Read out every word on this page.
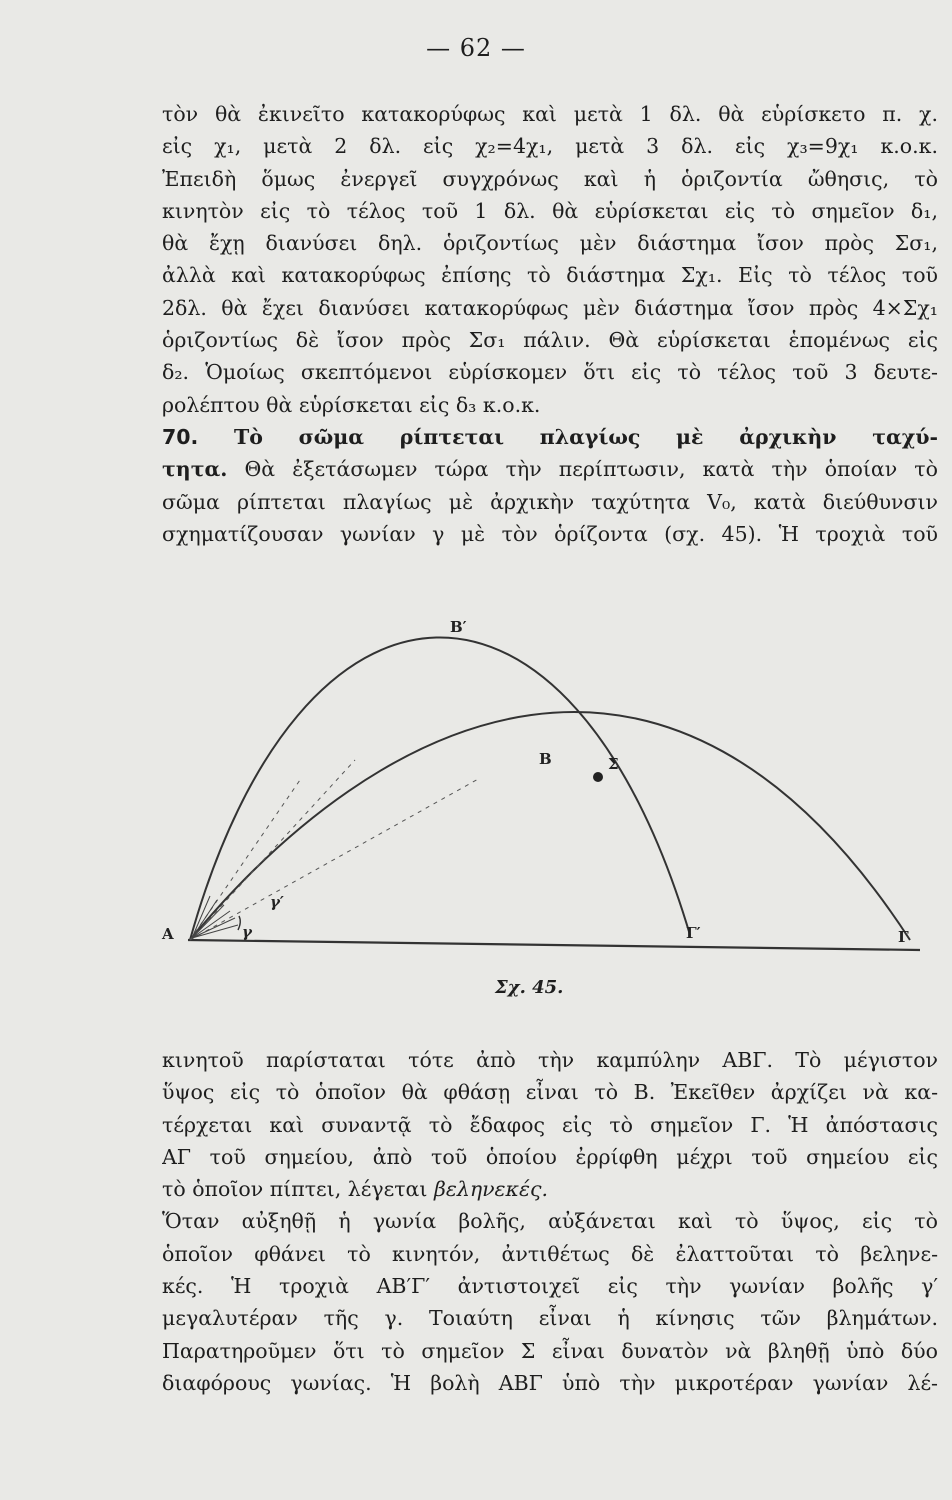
— 62 —
τὸν θὰ ἐκινεῖτο κατακορύφως καὶ μετὰ 1 δλ. θὰ εὑρίσκετο π. χ.
εἰς χ₁, μετὰ 2 δλ. εἰς χ₂=4χ₁, μετὰ 3 δλ. εἰς χ₃=9χ₁ κ.ο.κ.
Ἐπειδὴ ὅμως ἐνεργεῖ συγχρόνως καὶ ἡ ὁριζοντία ὤθησις, τὸ
κινητὸν εἰς τὸ τέλος τοῦ 1 δλ. θὰ εὑρίσκεται εἰς τὸ σημεῖον δ₁,
θὰ ἔχῃ διανύσει δηλ. ὁριζοντίως μὲν διάστημα ἴσον πρὸς Σσ₁,
ἀλλὰ καὶ κατακορύφως ἐπίσης τὸ διάστημα Σχ₁. Εἰς τὸ τέλος τοῦ
2δλ. θὰ ἔχει διανύσει κατακορύφως μὲν διάστημα ἴσον πρὸς 4×Σχ₁
ὁριζοντίως δὲ ἴσον πρὸς Σσ₁ πάλιν. Θὰ εὑρίσκεται ἑπομένως εἰς
δ₂. Ὁμοίως σκεπτόμενοι εὑρίσκομεν ὅτι εἰς τὸ τέλος τοῦ 3 δευτε-
ρολέπτου θὰ εὑρίσκεται εἰς δ₃ κ.ο.κ.
70. Τὸ σῶμα ρίπτεται πλαγίως μὲ ἀρχικὴν ταχύ-
τητα. Θὰ ἐξετάσωμεν τώρα τὴν περίπτωσιν, κατὰ τὴν ὁποίαν τὸ
σῶμα ρίπτεται πλαγίως μὲ ἀρχικὴν ταχύτητα V₀, κατὰ διεύθυνσιν
σχηματίζουσαν γωνίαν γ μὲ τὸν ὁρίζοντα (σχ. 45). Ἡ τροχιὰ τοῦ
Β′
Β	Σ
Α	Γ′	Γ
γ
γ′
Σχ. 45.
κινητοῦ παρίσταται τότε ἀπὸ τὴν καμπύλην ΑΒΓ. Τὸ μέγιστον
ὕψος εἰς τὸ ὁποῖον θὰ φθάσῃ εἶναι τὸ Β. Ἐκεῖθεν ἀρχίζει νὰ κα-
τέρχεται καὶ συναντᾷ τὸ ἔδαφος εἰς τὸ σημεῖον Γ. Ἡ ἀπόστασις
ΑΓ τοῦ σημείου, ἀπὸ τοῦ ὁποίου ἐρρίφθη μέχρι τοῦ σημείου εἰς
τὸ ὁποῖον πίπτει, λέγεται βεληνεκές.
Ὅταν αὐξηθῇ ἡ γωνία βολῆς, αὐξάνεται καὶ τὸ ὕψος, εἰς τὸ
ὁποῖον φθάνει τὸ κινητόν, ἀντιθέτως δὲ ἐλαττοῦται τὸ βεληνε-
κές. Ἡ τροχιὰ ΑΒ′Γ′ ἀντιστοιχεῖ εἰς τὴν γωνίαν βολῆς γ′
μεγαλυτέραν τῆς γ. Τοιαύτη εἶναι ἡ κίνησις τῶν βλημάτων.
Παρατηροῦμεν ὅτι τὸ σημεῖον Σ εἶναι δυνατὸν νὰ βληθῇ ὑπὸ δύο
διαφόρους γωνίας. Ἡ βολὴ ΑΒΓ ὑπὸ τὴν μικροτέραν γωνίαν λέ-
